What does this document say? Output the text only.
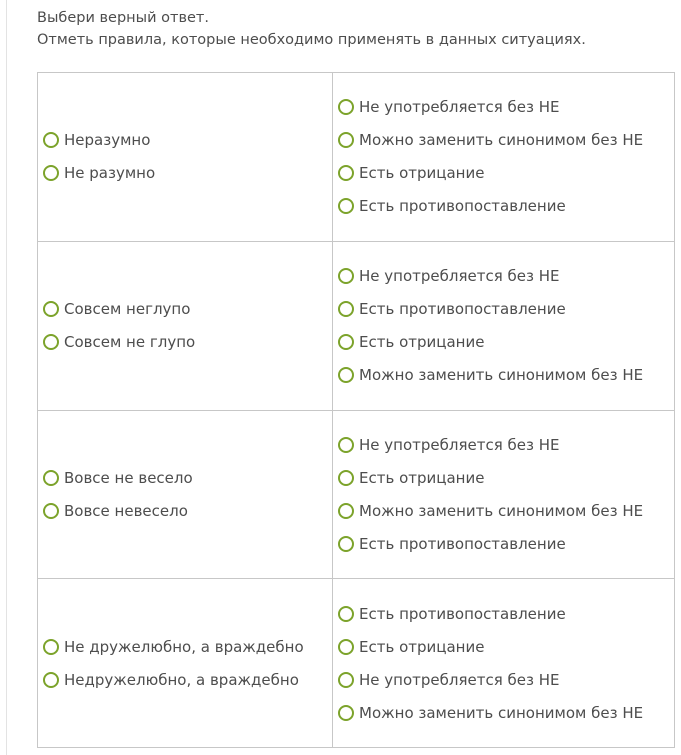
Выбери верный ответ.
Отметь правила, которые необходимо применять в данных ситуациях.
Неразумно
Не разумно	Не употребляется без НЕ
Можно заменить синонимом без НЕ
Есть отрицание
Есть противопоставление

Совсем неглупо
Совсем не глупо	Не употребляется без НЕ
Есть противопоставление
Есть отрицание
Можно заменить синонимом без НЕ

Вовсе не весело
Вовсе невесело	Не употребляется без НЕ
Есть отрицание
Можно заменить синонимом без НЕ
Есть противопоставление

Не дружелюбно, а враждебно
Недружелюбно, а враждебно	Есть противопоставление
Есть отрицание
Не употребляется без НЕ
Можно заменить синонимом без НЕ
